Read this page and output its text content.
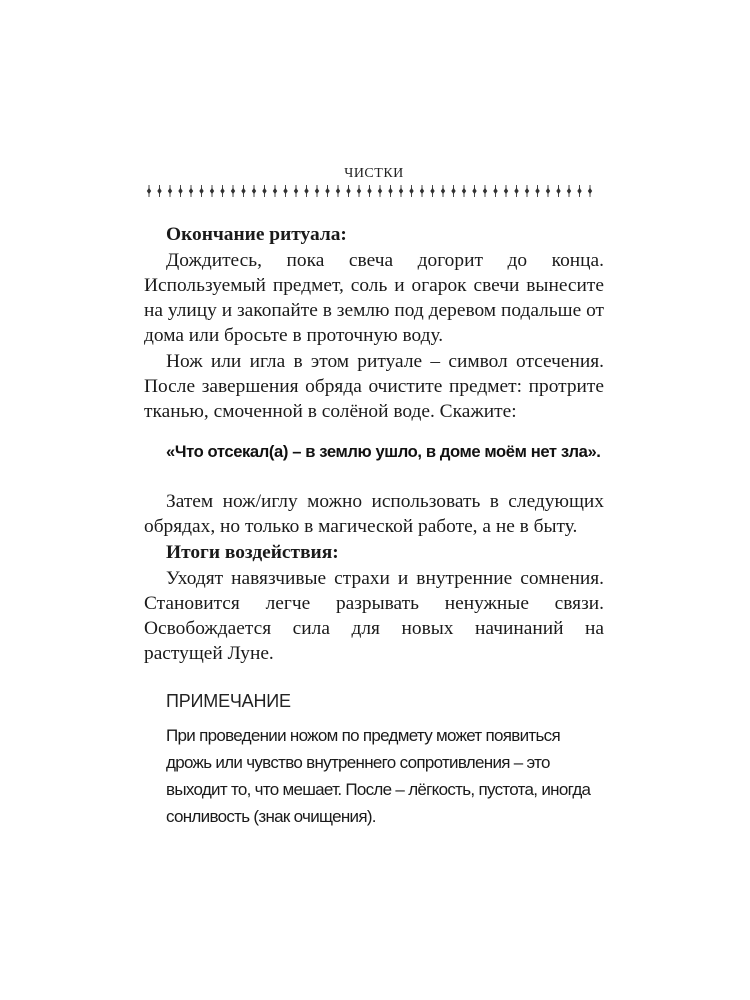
ЧИСТКИ
Окончание ритуала:
Дождитесь, пока свеча догорит до конца. Используемый предмет, соль и огарок свечи вынесите на улицу и закопайте в землю под деревом подальше от дома или бросьте в проточную воду.
Нож или игла в этом ритуале – символ отсечения. После завершения обряда очистите предмет: протрите тканью, смоченной в солёной воде. Скажите:
«Что отсекал(а) – в землю ушло, в доме моём нет зла».
Затем нож/иглу можно использовать в следующих обрядах, но только в магической работе, а не в быту.
Итоги воздействия:
Уходят навязчивые страхи и внутренние сомнения. Становится легче разрывать ненужные связи. Освобождается сила для новых начинаний на растущей Луне.
ПРИМЕЧАНИЕ
При проведении ножом по предмету может появиться дрожь или чувство внутреннего сопротивления – это выходит то, что мешает. После – лёгкость, пустота, иногда сонливость (знак очищения).
